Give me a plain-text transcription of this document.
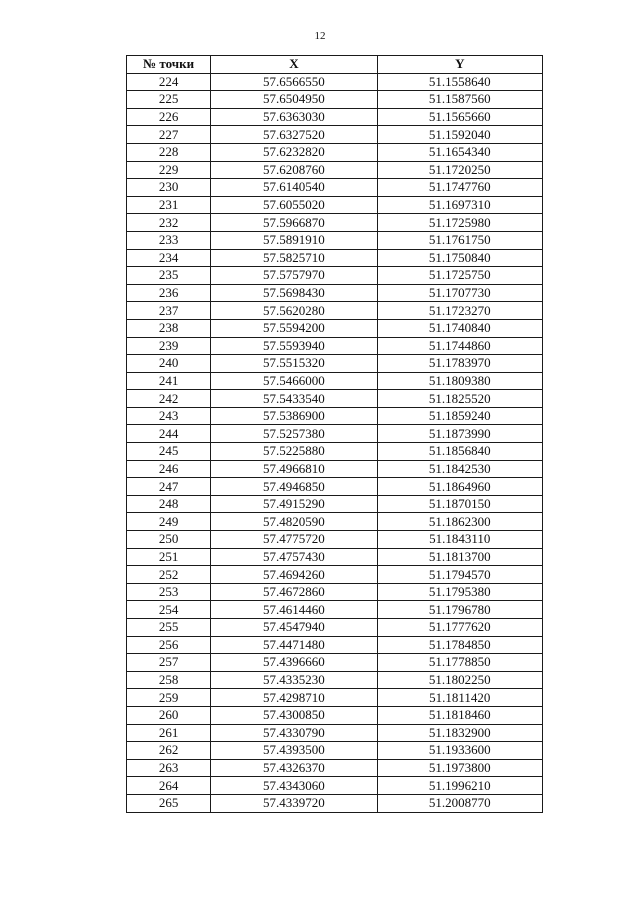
12
№ точки	X	Y
224	57.6566550	51.1558640
225	57.6504950	51.1587560
226	57.6363030	51.1565660
227	57.6327520	51.1592040
228	57.6232820	51.1654340
229	57.6208760	51.1720250
230	57.6140540	51.1747760
231	57.6055020	51.1697310
232	57.5966870	51.1725980
233	57.5891910	51.1761750
234	57.5825710	51.1750840
235	57.5757970	51.1725750
236	57.5698430	51.1707730
237	57.5620280	51.1723270
238	57.5594200	51.1740840
239	57.5593940	51.1744860
240	57.5515320	51.1783970
241	57.5466000	51.1809380
242	57.5433540	51.1825520
243	57.5386900	51.1859240
244	57.5257380	51.1873990
245	57.5225880	51.1856840
246	57.4966810	51.1842530
247	57.4946850	51.1864960
248	57.4915290	51.1870150
249	57.4820590	51.1862300
250	57.4775720	51.1843110
251	57.4757430	51.1813700
252	57.4694260	51.1794570
253	57.4672860	51.1795380
254	57.4614460	51.1796780
255	57.4547940	51.1777620
256	57.4471480	51.1784850
257	57.4396660	51.1778850
258	57.4335230	51.1802250
259	57.4298710	51.1811420
260	57.4300850	51.1818460
261	57.4330790	51.1832900
262	57.4393500	51.1933600
263	57.4326370	51.1973800
264	57.4343060	51.1996210
265	57.4339720	51.2008770
